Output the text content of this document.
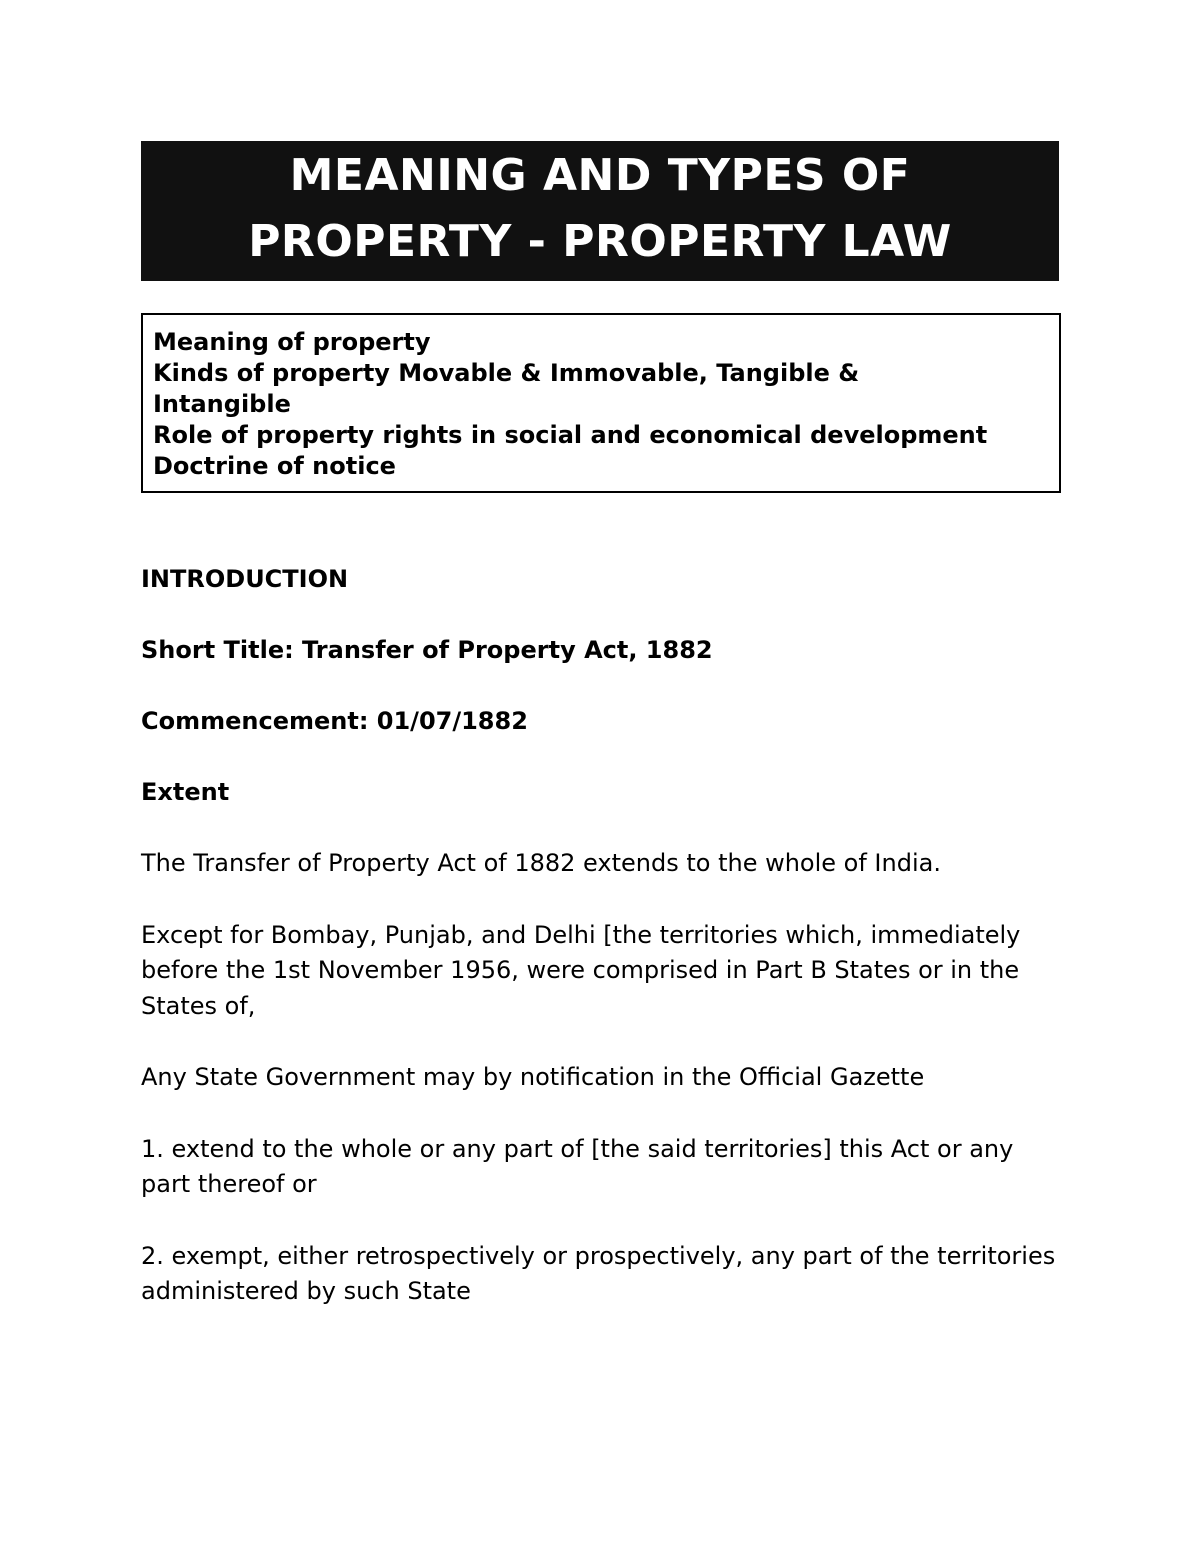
MEANING AND TYPES OF
PROPERTY - PROPERTY LAW
Meaning of property
Kinds of property Movable & Immovable, Tangible &
Intangible
Role of property rights in social and economical development
Doctrine of notice

INTRODUCTION

Short Title: Transfer of Property Act, 1882

Commencement: 01/07/1882

Extent

The Transfer of Property Act of 1882 extends to the whole of India.

Except for Bombay, Punjab, and Delhi [the territories which, immediately before the 1st November 1956, were comprised in Part B States or in the States of,

Any State Government may by notification in the Official Gazette

1. extend to the whole or any part of [the said territories] this Act or any part thereof or

2. exempt, either retrospectively or prospectively, any part of the territories administered by such State
